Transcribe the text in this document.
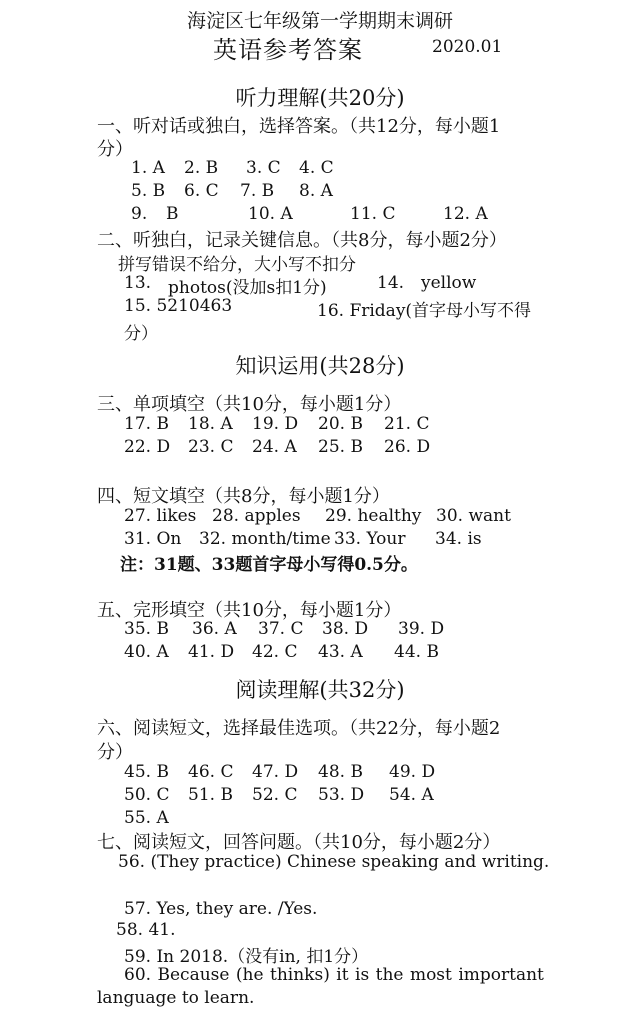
海淀区七年级第一学期期末调研
英语参考答案	2020.01
听力理解(共20分)
一、听对话或独白，选择答案。（共12分，每小题1
分）
1. A 2. B 3. C 4. C
5. B 6. C 7. B 8. A
9. B	10. A	11. C	12. A
二、听独白，记录关键信息。（共8分，每小题2分）
拼写错误不给分，大小写不扣分
13. photos(没加s扣1分)	14. yellow
15. 5210463	16. Friday(首字母小写不得
分）
知识运用(共28分)
三、单项填空（共10分，每小题1分）
17. B 18. A 19. D 20. B 21. C
22. D 23. C 24. A 25. B 26. D
四、短文填空（共8分，每小题1分）
27. likes 28. apples 29. healthy 30. want
31. On 32. month/time 33. Your 34. is
注：31题、33题首字母小写得0.5分。
五、完形填空（共10分，每小题1分）
35. B 36. A 37. C 38. D 39. D
40. A 41. D 42. C 43. A 44. B
阅读理解(共32分)
六、阅读短文，选择最佳选项。（共22分，每小题2
分）
45. B 46. C 47. D 48. B 49. D
50. C 51. B 52. C 53. D 54. A
55. A
七、阅读短文，回答问题。（共10分，每小题2分）
56. (They practice) Chinese speaking and writing.
57. Yes, they are. /Yes.
58. 41.
59. In 2018.（没有in, 扣1分）
60. Because (he thinks) it is the most important
language to learn.
